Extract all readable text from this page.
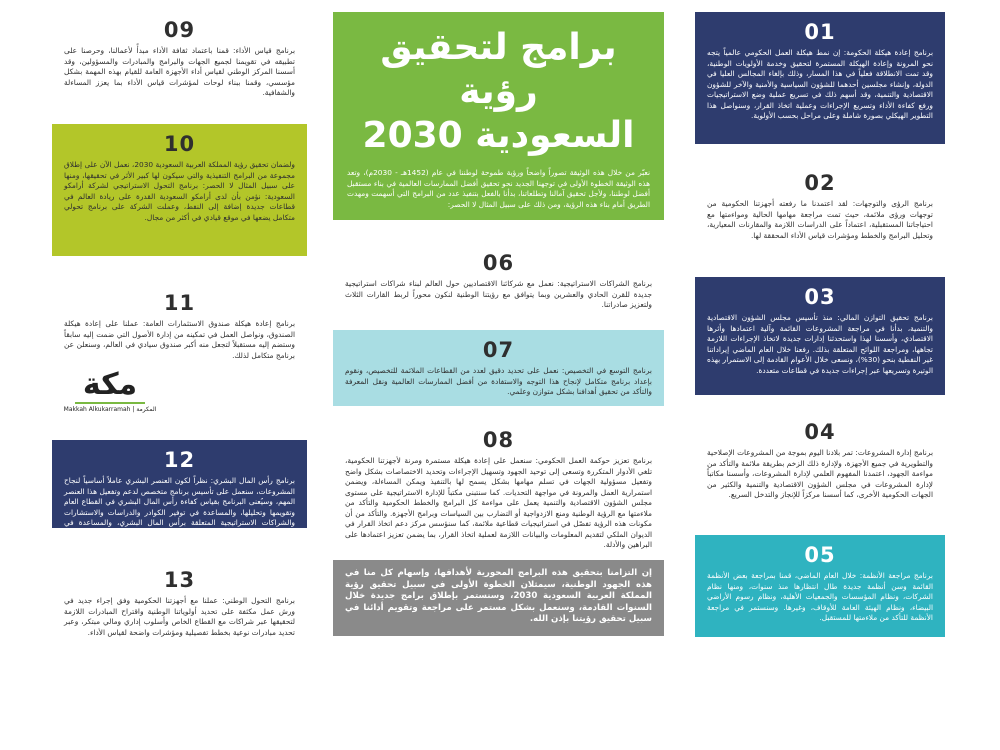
برامج لتحقيق رؤية
السعودية 2030
نعبّر من خلال هذه الوثيقة تصوراً واضحاً ورؤية طموحة لوطننا في عام (1452هـ - 2030م)، وتعد هذه الوثيقة الخطوة الأولى في توجهنا الجديد نحو تحقيق أفضل الممارسات العالمية في بناء مستقبل أفضل لوطننا، ولأجل تحقيق آمالنا وتطلعاتنا، بدأنا بالفعل بتنفيذ عدد من البرامج التي أسهمت ومهدت الطريق أمام بناء هذه الرؤية، ومن ذلك على سبيل المثال لا الحصر:
01
برنامج إعادة هيكلة الحكومة: إن نمط هيكلة العمل الحكومي عالمياً يتجه نحو المرونة وإعادة الهيكلة المستمرة لتحقيق وخدمة الأولويات الوطنية، وقد تمت الانطلاقة فعلياً في هذا المسار، وذلك بإلغاء المجالس العليا في الدولة، وإنشاء مجلسين أحدهما للشؤون السياسية والأمنية والآخر للشؤون الاقتصادية والتنمية، وقد أسهم ذلك في تسريع عملية وضع الاستراتيجيات ورفع كفاءة الأداء وتسريع الإجراءات وعملية اتخاذ القرار، وسنواصل هذا التطوير الهيكلي بصورة شاملة وعلى مراحل بحسب الأولوية.
02
برنامج الرؤى والتوجهات: لقد اعتمدنا ما رفعته أجهزتنا الحكومية من توجهات ورؤى ملائمة، حيث تمت مراجعة مهامها الحالية ومواءمتها مع احتياجاتنا المستقبلية، اعتماداً على الدراسات اللازمة والمقارنات المعيارية، وتحليل البرامج والخطط ومؤشرات قياس الأداء المحققة لها.
03
برنامج تحقيق التوازن المالي: منذ تأسيس مجلس الشؤون الاقتصادية والتنمية، بدأنا في مراجعة المشروعات القائمة وآلية اعتمادها وأثرها الاقتصادي، وأسسنا لهذا واستحدثنا إدارات جديدة لاتخاذ الإجراءات اللازمة تجاهها، ومراجعة اللوائح المتعلقة بذلك. رفعنا خلال العام الماضي إيراداتنا غير النفطية بنحو (30%)، ونسعى خلال الأعوام القادمة إلى الاستمرار بهذه الوتيرة وتسريعها عبر إجراءات جديدة في قطاعات متعددة.
04
برنامج إدارة المشروعات: تمر بلادنا اليوم بموجة من المشروعات الإصلاحية والتطويرية في جميع الأجهزة، ولإدارة ذلك الزخم بطريقة ملائمة والتأكد من مواءمة الجهود، اعتمدنا المفهوم العلمي لإدارة المشروعات، وأسسنا مكاتباً لإدارة المشروعات في مجلس الشؤون الاقتصادية والتنمية والكثير من الجهات الحكومية الأخرى، كما أسسنا مركزاً للإنجاز والتدخل السريع.
05
برنامج مراجعة الأنظمة: خلال العام الماضي، قمنا بمراجعة بعض الأنظمة القائمة وسن أنظمة جديدة طال انتظارها منذ سنوات، ومنها نظام الشركات، ونظام المؤسسات والجمعيات الأهلية، ونظام رسوم الأراضي البيضاء، ونظام الهيئة العامة للأوقاف، وغيرها. وسنستمر في مراجعة الأنظمة للتأكد من ملاءمتها للمستقبل.
06
برنامج الشراكات الاستراتيجية: نعمل مع شركائنا الاقتصاديين حول العالم لبناء شراكات استراتيجية جديدة للقرن الحادي والعشرين وبما يتوافق مع رؤيتنا الوطنية لنكون محوراً لربط القارات الثلاث ولتعزيز صادراتنا.
07
برنامج التوسع في التخصيص: نعمل على تحديد دقيق لعدد من القطاعات الملائمة للتخصيص، ونقوم بإعداد برنامج متكامل لإنجاح هذا التوجه والاستفادة من أفضل الممارسات العالمية ونقل المعرفة والتأكد من تحقيق أهدافنا بشكل متوازن وعلمي.
08
برنامج تعزيز حوكمة العمل الحكومي: سنعمل على إعادة هيكلة مستمرة ومرنة لأجهزتنا الحكومية، تلغي الأدوار المتكررة وتسعى إلى توحيد الجهود وتسهيل الإجراءات وتحديد الاختصاصات بشكل واضح وتفعيل مسؤولية الجهات في تسلم مهامها بشكل يسمح لها بالتنفيذ ويمكن المساءلة، ويضمن استمرارية العمل والمرونة في مواجهة التحديات. كما سنتبنى مكتباً للإدارة الاستراتيجية على مستوى مجلس الشؤون الاقتصادية والتنمية يعمل على مواءمة كل البرامج والخطط الحكومية والتأكد من ملاءمتها مع الرؤية الوطنية ومنع الازدواجية أو التضارب بين السياسات وبرامج الأجهزة. والتأكد من أن مكونات هذه الرؤية تفصّل في استراتيجيات قطاعية ملائمة، كما سنؤسس مركز دعم اتخاذ القرار في الديوان الملكي لتقديم المعلومات والبيانات اللازمة لعملية اتخاذ القرار، بما يضمن تعزيز اعتمادها على البراهين والأدلة.
إن التزامنا بتحقيق هذه البرامج المحورية لأهدافها، وإسهام كل منا في هذه الجهود الوطنية، سيمثلان الخطوة الأولى في سبيل تحقيق رؤية المملكة العربية السعودية 2030، وسنستمر بإطلاق برامج جديدة خلال السنوات القادمة، وسنعمل بشكل مستمر على مراجعة وتقويم أدائنا في سبيل تحقيق رؤيتنا بإذن الله.
09
برنامج قياس الأداء: قمنا باعتماد ثقافة الأداء مبدأً لأعمالنا، وحرصنا على تطبيقه في تقويمنا لجميع الجهات والبرامج والمبادرات والمسؤولين، وقد أسسنا المركز الوطني لقياس أداء الأجهزة العامة للقيام بهذه المهمة بشكل مؤسسي، وقمنا ببناء لوحات لمؤشرات قياس الأداء بما يعزز المساءلة والشفافية.
10
ولضمان تحقيق رؤية المملكة العربية السعودية 2030، نعمل الآن على إطلاق مجموعة من البرامج التنفيذية والتي سيكون لها كبير الأثر في تحقيقها، ومنها على سبيل المثال لا الحصر: برنامج التحول الاستراتيجي لشركة أرامكو السعودية: نؤمن بأن لدى أرامكو السعودية القدرة على ريادة العالم في قطاعات جديدة إضافة إلى النفط، وعملت الشركة على برنامج تحولي متكامل يضعها في موقع قيادي في أكثر من مجال.
11
برنامج إعادة هيكلة صندوق الاستثمارات العامة: عملنا على إعادة هيكلة الصندوق، ونواصل العمل في تمكينه من إدارة الأصول التي ضمت إليه سابقاً وستضم إليه مستقبلاً لتجعل منه أكبر صندوق سيادي في العالم، وسنعلن عن برنامج متكامل لذلك.
مكة
Makkah Alkukarramah | المكرمة
12
برنامج رأس المال البشري: نظراً لكون العنصر البشري عاملاً أساسياً لنجاح المشروعات، سنعمل على تأسيس برنامج متخصص لدعم وتفعيل هذا العنصر المهم، وسيُعنى البرنامج بقياس كفاءة رأس المال البشري في القطاع العام وتقويمها وتحليلها، والمساعدة في توفير الكوادر والدراسات والاستشارات والشراكات الاستراتيجية المتعلقة برأس المال البشري، والمساعدة في الاختيار والتطبيق لتحقيق الأهداف الاستراتيجية.
13
برنامج التحول الوطني: عملنا مع أجهزتنا الحكومية وفق إجراء جديد في ورش عمل مكثفة على تحديد أولوياتنا الوطنية واقتراح المبادرات اللازمة لتحقيقها عبر شراكات مع القطاع الخاص وأسلوب إداري ومالي مبتكر، وعبر تحديد مبادرات نوعية بخطط تفصيلية ومؤشرات واضحة لقياس الأداء.
